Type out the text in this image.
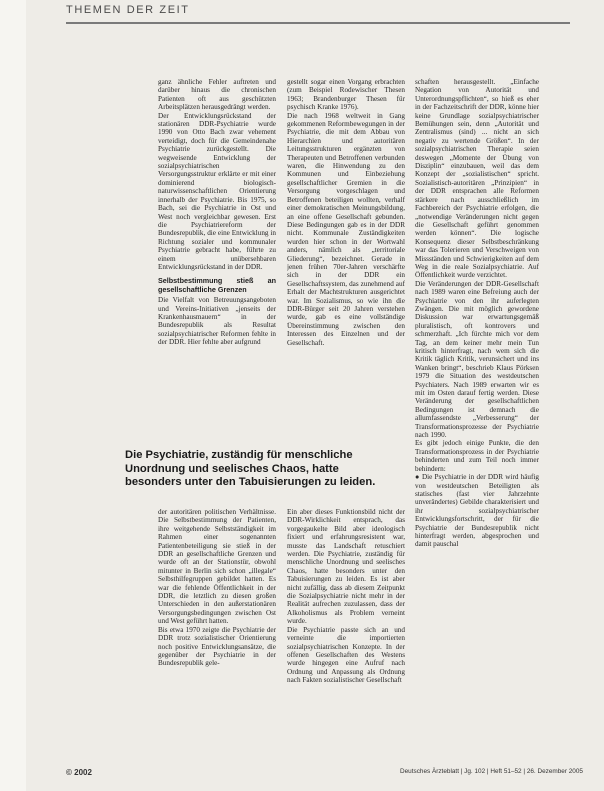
THEMEN DER ZEIT

ganz ähnliche Fehler auftreten und darüber hinaus die chronischen Patienten oft aus geschützten Arbeitsplätzen herausgedrängt werden.

Der Entwicklungsrückstand der stationären DDR-Psychiatrie wurde 1990 von Otto Bach zwar vehement verteidigt, doch für die Gemeindenahe Psychiatrie zurückgestellt. Die wegweisende Entwicklung der sozialpsychiatrischen Versorgungsstruktur erklärte er mit einer dominierend biologisch-naturwissenschaftlichen Orientierung innerhalb der Psychiatrie. Bis 1975, so Bach, sei die Psychiatrie in Ost und West noch vergleichbar gewesen. Erst die Psychiatriereform der Bundesrepublik, die eine Entwicklung in Richtung sozialer und kommunaler Psychiatrie gebracht habe, führte zu einem unübersehbaren Entwicklungsrückstand in der DDR.

Selbstbestimmung stieß an gesellschaftliche Grenzen

Die Vielfalt von Betreuungsangeboten und Vereins-Initiativen „jenseits der Krankenhausmauern“ in der Bundesrepublik als Resultat sozialpsychiatrischer Reformen fehlte in der DDR. Hier fehlte aber aufgrund

gestellt sogar einen Vorgang erbrachten (zum Beispiel Rodewischer Thesen 1963; Brandenburger Thesen für psychisch Kranke 1976).

Die nach 1968 weltweit in Gang gekommenen Reformbewegungen in der Psychiatrie, die mit dem Abbau von Hierarchien und autoritären Leitungsstrukturen ergänzten von Therapeuten und Betroffenen verbunden waren, die Hinwendung zu den Kommunen und Einbeziehung gesellschaftlicher Gremien in die Versorgung vorgeschlagen und Betroffenen beteiligen wollten, verhalf einer demokratischen Meinungsbildung, an eine offene Gesellschaft gebunden. Diese Bedingungen gab es in der DDR nicht. Kommunale Zuständigkeiten wurden hier schon in der Wortwahl anders, nämlich als „territoriale Gliederung“, bezeichnet. Gerade in jenen frühen 70er-Jahren verschärfte sich in der DDR ein Gesellschaftssystem, das zunehmend auf Erhalt der Machtstrukturen ausgerichtet war. Im Sozialismus, so wie ihn die DDR-Bürger seit 20 Jahren verstehen wurde, gab es eine vollständige Übereinstimmung zwischen den Interessen des Einzelnen und der Gesellschaft.

schaften herausgestellt. „Einfache Negation von Autorität und Unterordnungspflichten“, so hieß es eher in der Fachzeitschrift der DDR, könne hier keine Grundlage sozialpsychiatrischer Bemühungen sein, denn „Autorität und Zentralismus (sind) ... nicht an sich negativ zu wertende Größen“. In der sozialpsychiatrischen Therapie seien deswegen „Momente der Übung von Disziplin“ einzubauen, weil das dem Konzept der „sozialistischen“ spricht. Sozialistisch-autoritären „Prinzipien“ in der DDR entsprachen alle Reformen stärkere nach ausschließlich im Fachbereich der Psychiatrie erfolgen, die „notwendige Veränderungen nicht gegen die Gesellschaft geführt genommen werden können“. Die logische Konsequenz dieser Selbstbeschränkung war das Tolerieren und Verschweigen von Missständen und Schwierigkeiten auf dem Weg in die reale Sozialpsychiatrie. Auf Öffentlichkeit wurde verzichtet.

Die Veränderungen der DDR-Gesellschaft nach 1989 waren eine Befreiung auch der Psychiatrie von den ihr auferlegten Zwängen. Die mit möglich gewordene Diskussion war erwartungsgemäß pluralistisch, oft kontrovers und schmerzhaft. „Ich fürchte mich vor dem Tag, an dem keiner mehr mein Tun kritisch hinterfragt, nach wem sich die Kritik täglich Kritik, verunsichert und ins Wanken bringt“, beschrieb Klaus Pörksen 1979 die Situation des westdeutschen Psychiaters. Nach 1989 erwarten wir es mit im Osten darauf fertig werden. Diese Veränderung der gesellschaftlichen Bedingungen ist demnach die allumfassendste „Verbesserung“ der Transformationsprozesse der Psychiatrie nach 1990.

Es gibt jedoch einige Punkte, die den Transformationsprozess in der Psychiatrie behinderten und zum Teil noch immer behindern:

● Die Psychiatrie in der DDR wird häufig von westdeutschen Beteiligten als statisches (fast vier Jahrzehnte unverändertes) Gebilde charakterisiert und ihr sozialpsychiatrischer Entwicklungsfortschritt, der für die Psychiatrie der Bundesrepublik nicht hinterfragt werden, abgesprochen und damit pauschal

Die Psychiatrie, zuständig für menschliche Unordnung und seelisches Chaos, hatte besonders unter den Tabuisierungen zu leiden.

der autoritären politischen Verhältnisse. Die Selbstbestimmung der Patienten, ihre weitgehende Selbstständigkeit im Rahmen einer sogenannten Patientenbeteiligung sie stieß in der DDR an gesellschaftliche Grenzen und wurde oft an der Stationstür, obwohl mitunter in Berlin sich schon „illegale“ Selbsthilfegruppen gebildet hatten. Es war die fehlende Öffentlichkeit in der DDR, die letztlich zu diesen großen Unterschieden in den außerstationären Versorgungsbedingungen zwischen Ost und West geführt hatten.

Bis etwa 1970 zeigte die Psychiatrie der DDR trotz sozialistischer Orientierung noch positive Entwicklungsansätze, die gegenüber der Psychiatrie in der Bundesrepublik gele-

Ein aber dieses Funktionsbild nicht der DDR-Wirklichkeit entsprach, das vorgegaukelte Bild aber ideologisch fixiert und erfahrungsresistent war, musste das Landschaft retuschiert werden. Die Psychiatrie, zuständig für menschliche Unordnung und seelisches Chaos, hatte besonders unter den Tabuisierungen zu leiden. Es ist aber nicht zufällig, dass ab diesem Zeitpunkt die Sozialpsychiatrie nicht mehr in der Realität aufrechen zuzulassen, dass der Alkoholismus als Problem verneint wurde.

Die Psychiatrie passte sich an und verneinte die importierten sozialpsychiatrischen Konzepte. In der offenen Gesellschaften des Westens wurde hingegen eine Aufruf nach Ordnung und Anpassung als Ordnung nach Fakten sozialistischer Gesellschaft

© 2002	Deutsches Ärzteblatt | Jg. 102 | Heft 51–52 | 26. Dezember 2005
